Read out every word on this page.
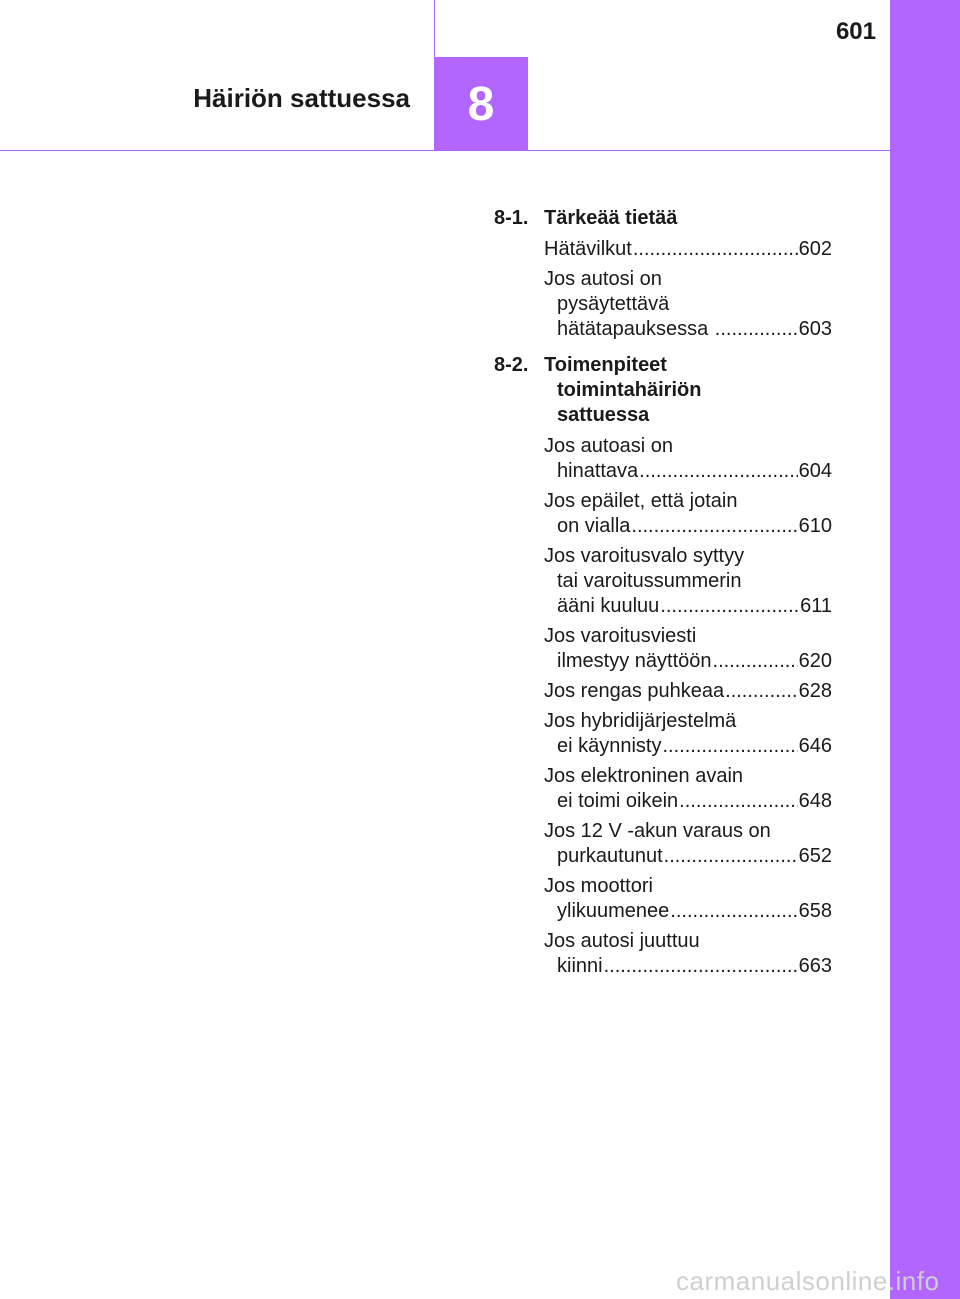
601
Häiriön sattuessa	8
8-1. Tärkeää tietää
Hätävilkut .....	602
Jos autosi on
pysäytettävä
hätätapauksessa .....	603
8-2. Toimenpiteet
toimintahäiriön
sattuessa
Jos autoasi on
hinattava .....	604
Jos epäilet, että jotain
on vialla .....	610
Jos varoitusvalo syttyy
tai varoitussummerin
ääni kuuluu .....	611
Jos varoitusviesti
ilmestyy näyttöön .....	620
Jos rengas puhkeaa .....	628
Jos hybridijärjestelmä
ei käynnisty .....	646
Jos elektroninen avain
ei toimi oikein .....	648
Jos 12 V -akun varaus on
purkautunut .....	652
Jos moottori
ylikuumenee .....	658
Jos autosi juuttuu
kiinni .....	663
carmanualsonline.info
